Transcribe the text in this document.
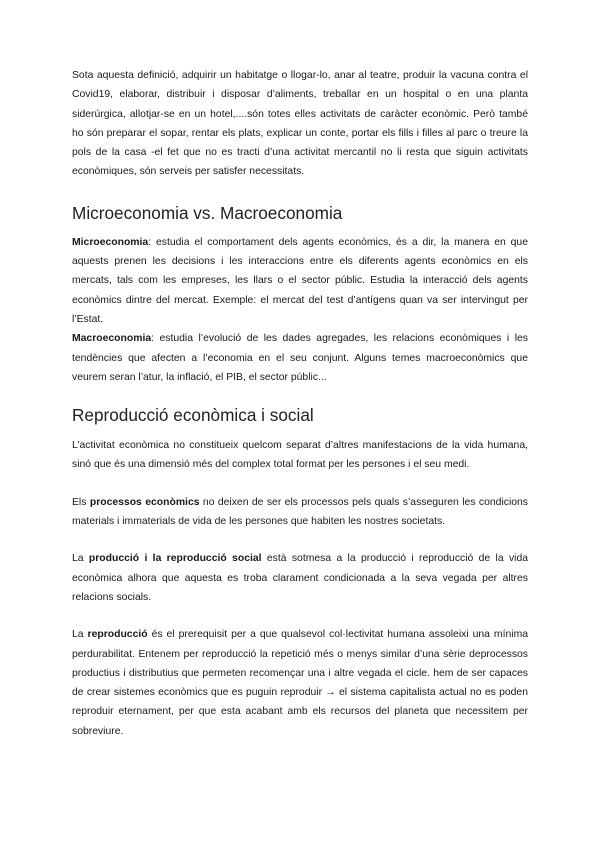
Sota aquesta definició, adquirir un habitatge o llogar-lo, anar al teatre, produir la vacuna contra el Covid19, elaborar, distribuir i disposar d’aliments, treballar en un hospital o en una planta siderúrgica, allotjar-se en un hotel,....són totes elles activitats de caràcter econòmic. Però també ho són preparar el sopar, rentar els plats, explicar un conte, portar els fills i filles al parc o treure la pols de la casa -el fet que no es tracti d’una activitat mercantil no li resta que siguin activitats econòmiques, són serveis per satisfer necessitats.

Microeconomia vs. Macroeconomia

Microeconomia: estudia el comportament dels agents econòmics, és a dir, la manera en que aquests prenen les decisions i les interaccions entre els diferents agents econòmics en els mercats, tals com les empreses, les llars o el sector públic. Estudia la interacció dels agents econòmics dintre del mercat. Exemple: el mercat del test d’antígens quan va ser intervingut per l’Estat.

Macroeconomia: estudia l’evolució de les dades agregades, les relacions econòmiques i les tendències que afecten a l’economia en el seu conjunt. Alguns temes macroeconòmics que veurem seran l’atur, la inflació, el PIB, el sector públic...

Reproducció econòmica i social

L’activitat econòmica no constitueix quelcom separat d’altres manifestacions de la vida humana, sinó que és una dimensió més del complex total format per les persones i el seu medi.

Els processos econòmics no deixen de ser els processos pels quals s’asseguren les condicions materials i immaterials de vida de les persones que habiten les nostres societats.

La producció i la reproducció social està sotmesa a la producció i reproducció de la vida econòmica alhora que aquesta es troba clarament condicionada a la seva vegada per altres relacions socials.

La reproducció és el prerequisit per a que qualsevol col·lectivitat humana assoleixi una mínima perdurabilitat. Entenem per reproducció la repetició més o menys similar d’una sèrie deprocessos productius i distributius que permeten recomençar una i altre vegada el cicle. hem de ser capaces de crear sistemes econòmics que es puguin reproduir → el sistema capitalista actual no es poden reproduir eternament, per que esta acabant amb els recursos del planeta que necessitem per sobreviure.
